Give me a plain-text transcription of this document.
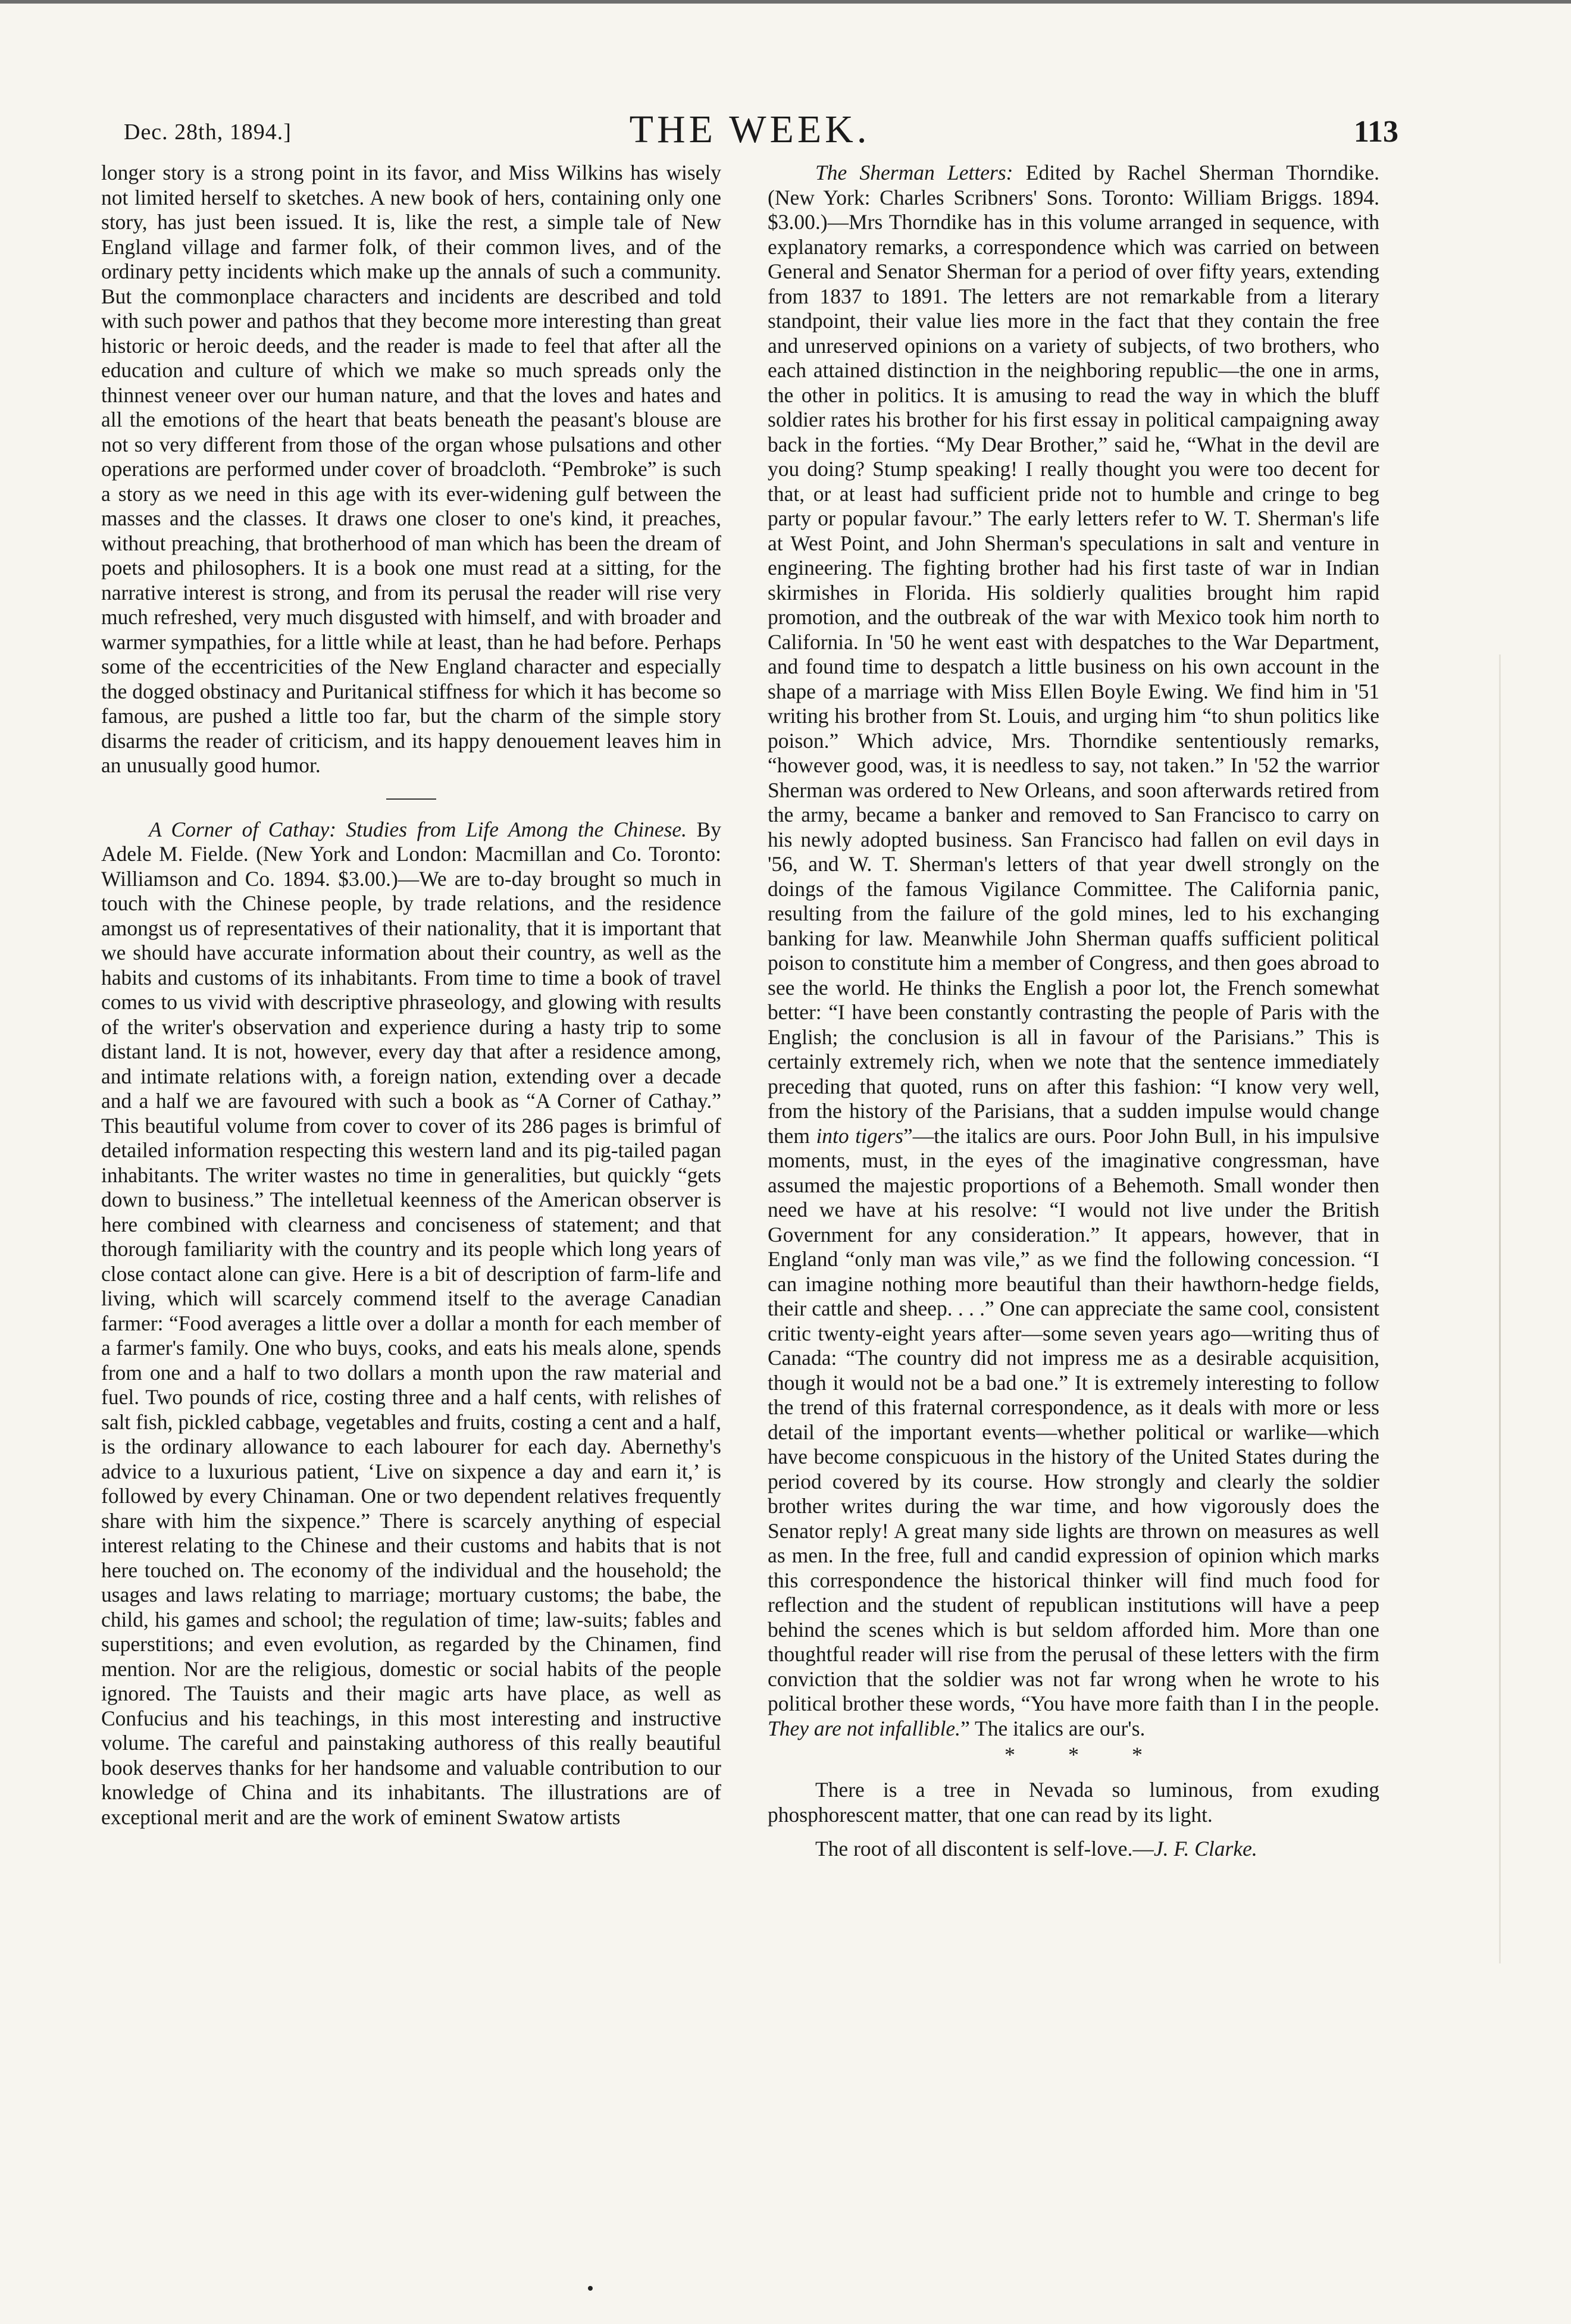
Dec. 28th, 1894.]	THE WEEK.	113

longer story is a strong point in its favor, and Miss Wilkins has wisely not limited herself to sketches. A new book of hers, containing only one story, has just been issued. It is, like the rest, a simple tale of New England village and farmer folk, of their common lives, and of the ordinary petty incidents which make up the annals of such a community. But the commonplace characters and incidents are described and told with such power and pathos that they become more interesting than great historic or heroic deeds, and the reader is made to feel that after all the education and culture of which we make so much spreads only the thinnest veneer over our human nature, and that the loves and hates and all the emotions of the heart that beats beneath the peasant's blouse are not so very different from those of the organ whose pulsations and other operations are performed under cover of broadcloth. “Pembroke” is such a story as we need in this age with its ever-widening gulf between the masses and the classes. It draws one closer to one's kind, it preaches, without preaching, that brotherhood of man which has been the dream of poets and philosophers. It is a book one must read at a sitting, for the narrative interest is strong, and from its perusal the reader will rise very much refreshed, very much disgusted with himself, and with broader and warmer sympathies, for a little while at least, than he had before. Perhaps some of the eccentricities of the New England character and especially the dogged obstinacy and Puritanical stiffness for which it has become so famous, are pushed a little too far, but the charm of the simple story disarms the reader of criticism, and its happy denouement leaves him in an unusually good humor.

A Corner of Cathay: Studies from Life Among the Chinese. By Adele M. Fielde. (New York and London: Macmillan and Co. Toronto: Williamson and Co. 1894. $3.00.)—We are to-day brought so much in touch with the Chinese people, by trade relations, and the residence amongst us of representatives of their nationality, that it is important that we should have accurate information about their country, as well as the habits and customs of its inhabitants. From time to time a book of travel comes to us vivid with descriptive phraseology, and glowing with results of the writer's observation and experience during a hasty trip to some distant land. It is not, however, every day that after a residence among, and intimate relations with, a foreign nation, extending over a decade and a half we are favoured with such a book as “A Corner of Cathay.” This beautiful volume from cover to cover of its 286 pages is brimful of detailed information respecting this western land and its pig-tailed pagan inhabitants. The writer wastes no time in generalities, but quickly “gets down to business.” The intelletual keenness of the American observer is here combined with clearness and conciseness of statement; and that thorough familiarity with the country and its people which long years of close contact alone can give. Here is a bit of description of farm-life and living, which will scarcely commend itself to the average Canadian farmer: “Food averages a little over a dollar a month for each member of a farmer's family. One who buys, cooks, and eats his meals alone, spends from one and a half to two dollars a month upon the raw material and fuel. Two pounds of rice, costing three and a half cents, with relishes of salt fish, pickled cabbage, vegetables and fruits, costing a cent and a half, is the ordinary allowance to each labourer for each day. Abernethy's advice to a luxurious patient, ‘Live on sixpence a day and earn it,’ is followed by every Chinaman. One or two dependent relatives frequently share with him the sixpence.” There is scarcely anything of especial interest relating to the Chinese and their customs and habits that is not here touched on. The economy of the individual and the household; the usages and laws relating to marriage; mortuary customs; the babe, the child, his games and school; the regulation of time; law-suits; fables and superstitions; and even evolution, as regarded by the Chinamen, find mention. Nor are the religious, domestic or social habits of the people ignored. The Tauists and their magic arts have place, as well as Confucius and his teachings, in this most interesting and instructive volume. The careful and painstaking authoress of this really beautiful book deserves thanks for her handsome and valuable contribution to our knowledge of China and its inhabitants. The illustrations are of exceptional merit and are the work of eminent Swatow artists

The Sherman Letters: Edited by Rachel Sherman Thorndike. (New York: Charles Scribners' Sons. Toronto: William Briggs. 1894. $3.00.)—Mrs Thorndike has in this volume arranged in sequence, with explanatory remarks, a correspondence which was carried on between General and Senator Sherman for a period of over fifty years, extending from 1837 to 1891. The letters are not remarkable from a literary standpoint, their value lies more in the fact that they contain the free and unreserved opinions on a variety of subjects, of two brothers, who each attained distinction in the neighboring republic—the one in arms, the other in politics. It is amusing to read the way in which the bluff soldier rates his brother for his first essay in political campaigning away back in the forties. “My Dear Brother,” said he, “What in the devil are you doing? Stump speaking! I really thought you were too decent for that, or at least had sufficient pride not to humble and cringe to beg party or popular favour.” The early letters refer to W. T. Sherman's life at West Point, and John Sherman's speculations in salt and venture in engineering. The fighting brother had his first taste of war in Indian skirmishes in Florida. His soldierly qualities brought him rapid promotion, and the outbreak of the war with Mexico took him north to California. In '50 he went east with despatches to the War Department, and found time to despatch a little business on his own account in the shape of a marriage with Miss Ellen Boyle Ewing. We find him in '51 writing his brother from St. Louis, and urging him “to shun politics like poison.” Which advice, Mrs. Thorndike sententiously remarks, “however good, was, it is needless to say, not taken.” In '52 the warrior Sherman was ordered to New Orleans, and soon afterwards retired from the army, became a banker and removed to San Francisco to carry on his newly adopted business. San Francisco had fallen on evil days in '56, and W. T. Sherman's letters of that year dwell strongly on the doings of the famous Vigilance Committee. The California panic, resulting from the failure of the gold mines, led to his exchanging banking for law. Meanwhile John Sherman quaffs sufficient political poison to constitute him a member of Congress, and then goes abroad to see the world. He thinks the English a poor lot, the French somewhat better: “I have been constantly contrasting the people of Paris with the English; the conclusion is all in favour of the Parisians.” This is certainly extremely rich, when we note that the sentence immediately preceding that quoted, runs on after this fashion: “I know very well, from the history of the Parisians, that a sudden impulse would change them into tigers”—the italics are ours. Poor John Bull, in his impulsive moments, must, in the eyes of the imaginative congressman, have assumed the majestic proportions of a Behemoth. Small wonder then need we have at his resolve: “I would not live under the British Government for any consideration.” It appears, however, that in England “only man was vile,” as we find the following concession. “I can imagine nothing more beautiful than their hawthorn-hedge fields, their cattle and sheep. . . .” One can appreciate the same cool, consistent critic twenty-eight years after—some seven years ago—writing thus of Canada: “The country did not impress me as a desirable acquisition, though it would not be a bad one.” It is extremely interesting to follow the trend of this fraternal correspondence, as it deals with more or less detail of the important events—whether political or warlike—which have become conspicuous in the history of the United States during the period covered by its course. How strongly and clearly the soldier brother writes during the war time, and how vigorously does the Senator reply! A great many side lights are thrown on measures as well as men. In the free, full and candid expression of opinion which marks this correspondence the historical thinker will find much food for reflection and the student of republican institutions will have a peep behind the scenes which is but seldom afforded him. More than one thoughtful reader will rise from the perusal of these letters with the firm conviction that the soldier was not far wrong when he wrote to his political brother these words, “You have more faith than I in the people. They are not infallible.” The italics are our's.

* * *

There is a tree in Nevada so luminous, from exuding phosphorescent matter, that one can read by its light.

The root of all discontent is self-love.—J. F. Clarke.
